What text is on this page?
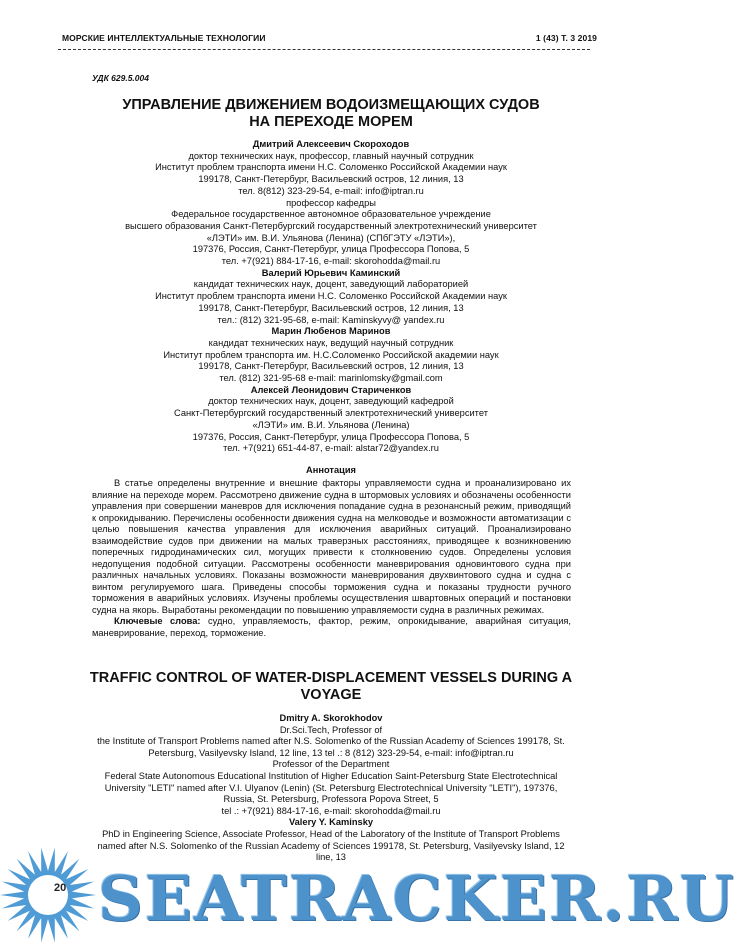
МОРСКИЕ ИНТЕЛЛЕКТУАЛЬНЫЕ ТЕХНОЛОГИИ	1 (43) Т. 3 2019
УДК 629.5.004
УПРАВЛЕНИЕ ДВИЖЕНИЕМ ВОДОИЗМЕЩАЮЩИХ СУДОВ
НА ПЕРЕХОДЕ МОРЕМ
Дмитрий Алексеевич Скороходов
доктор технических наук, профессор, главный научный сотрудник
Институт проблем транспорта имени Н.С. Соломенко Российской Академии наук
199178, Санкт-Петербург, Васильевский остров, 12 линия, 13
тел. 8(812) 323-29-54, e-mail: info@iptran.ru
профессор кафедры
Федеральное государственное автономное образовательное учреждение
высшего образования Санкт-Петербургский государственный электротехнический университет
«ЛЭТИ» им. В.И. Ульянова (Ленина) (СПбГЭТУ «ЛЭТИ»),
197376, Россия, Санкт-Петербург, улица Профессора Попова, 5
тел. +7(921) 884-17-16, e-mail: skorohodda@mail.ru
Валерий Юрьевич Каминский
кандидат технических наук, доцент, заведующий лабораторией
Институт проблем транспорта имени Н.С. Соломенко Российской Академии наук
199178, Санкт-Петербург, Васильевский остров, 12 линия, 13
тел.: (812) 321-95-68, e-mail: Kaminskyvy@ yandex.ru
Марин Любенов Маринов
кандидат технических наук, ведущий научный сотрудник
Институт проблем транспорта им. Н.С.Соломенко Российской академии наук
199178, Санкт-Петербург, Васильевский остров, 12 линия, 13
тел. (812) 321-95-68 e-mail: marinlomsky@gmail.com
Алексей Леонидович Стариченков
доктор технических наук, доцент, заведующий кафедрой
Санкт-Петербургский государственный электротехнический университет
«ЛЭТИ» им. В.И. Ульянова (Ленина)
197376, Россия, Санкт-Петербург, улица Профессора Попова, 5
тел. +7(921) 651-44-87, e-mail: alstar72@yandex.ru
Аннотация

В статье определены внутренние и внешние факторы управляемости судна и проанализировано их влияние на переходе морем. Рассмотрено движение судна в штормовых условиях и обозначены особенности управления при совершении маневров для исключения попадание судна в резонансный режим, приводящий к опрокидыванию. Перечислены особенности движения судна на мелководье и возможности автоматизации с целью повышения качества управления для исключения аварийных ситуаций. Проанализировано взаимодействие судов при движении на малых траверзных расстояниях, приводящее к возникновению поперечных гидродинамических сил, могущих привести к столкновению судов. Определены условия недопущения подобной ситуации. Рассмотрены особенности маневрирования одновинтового судна при различных начальных условиях. Показаны возможности маневрирования двухвинтового судна и судна с винтом регулируемого шага. Приведены способы торможения судна и показаны трудности ручного торможения в аварийных условиях. Изучены проблемы осуществления швартовных операций и постановки судна на якорь. Выработаны рекомендации по повышению управляемости судна в различных режимах.

Ключевые слова: судно, управляемость, фактор, режим, опрокидывание, аварийная ситуация, маневрирование, переход, торможение.

TRAFFIC CONTROL OF WATER-DISPLACEMENT VESSELS DURING A
VOYAGE
Dmitry A. Skorokhodov
Dr.Sci.Tech, Professor of
the Institute of Transport Problems named after N.S. Solomenko of the Russian Academy of Sciences 199178, St.
Petersburg, Vasilyevsky Island, 12 line, 13 tel .: 8 (812) 323-29-54, e-mail: info@iptran.ru
Professor of the Department
Federal State Autonomous Educational Institution of Higher Education Saint-Petersburg State Electrotechnical
University "LETI" named after V.I. Ulyanov (Lenin) (St. Petersburg Electrotechnical University "LETI"), 197376,
Russia, St. Petersburg, Professora Popova Street, 5
tel .: +7(921) 884-17-16, e-mail: skorohodda@mail.ru
Valery Y. Kaminsky
PhD in Engineering Science, Associate Professor, Head of the Laboratory of the Institute of Transport Problems
named after N.S. Solomenko of the Russian Academy of Sciences 199178, St. Petersburg, Vasilyevsky Island, 12
line, 13
20 SEATRACKER.RU
